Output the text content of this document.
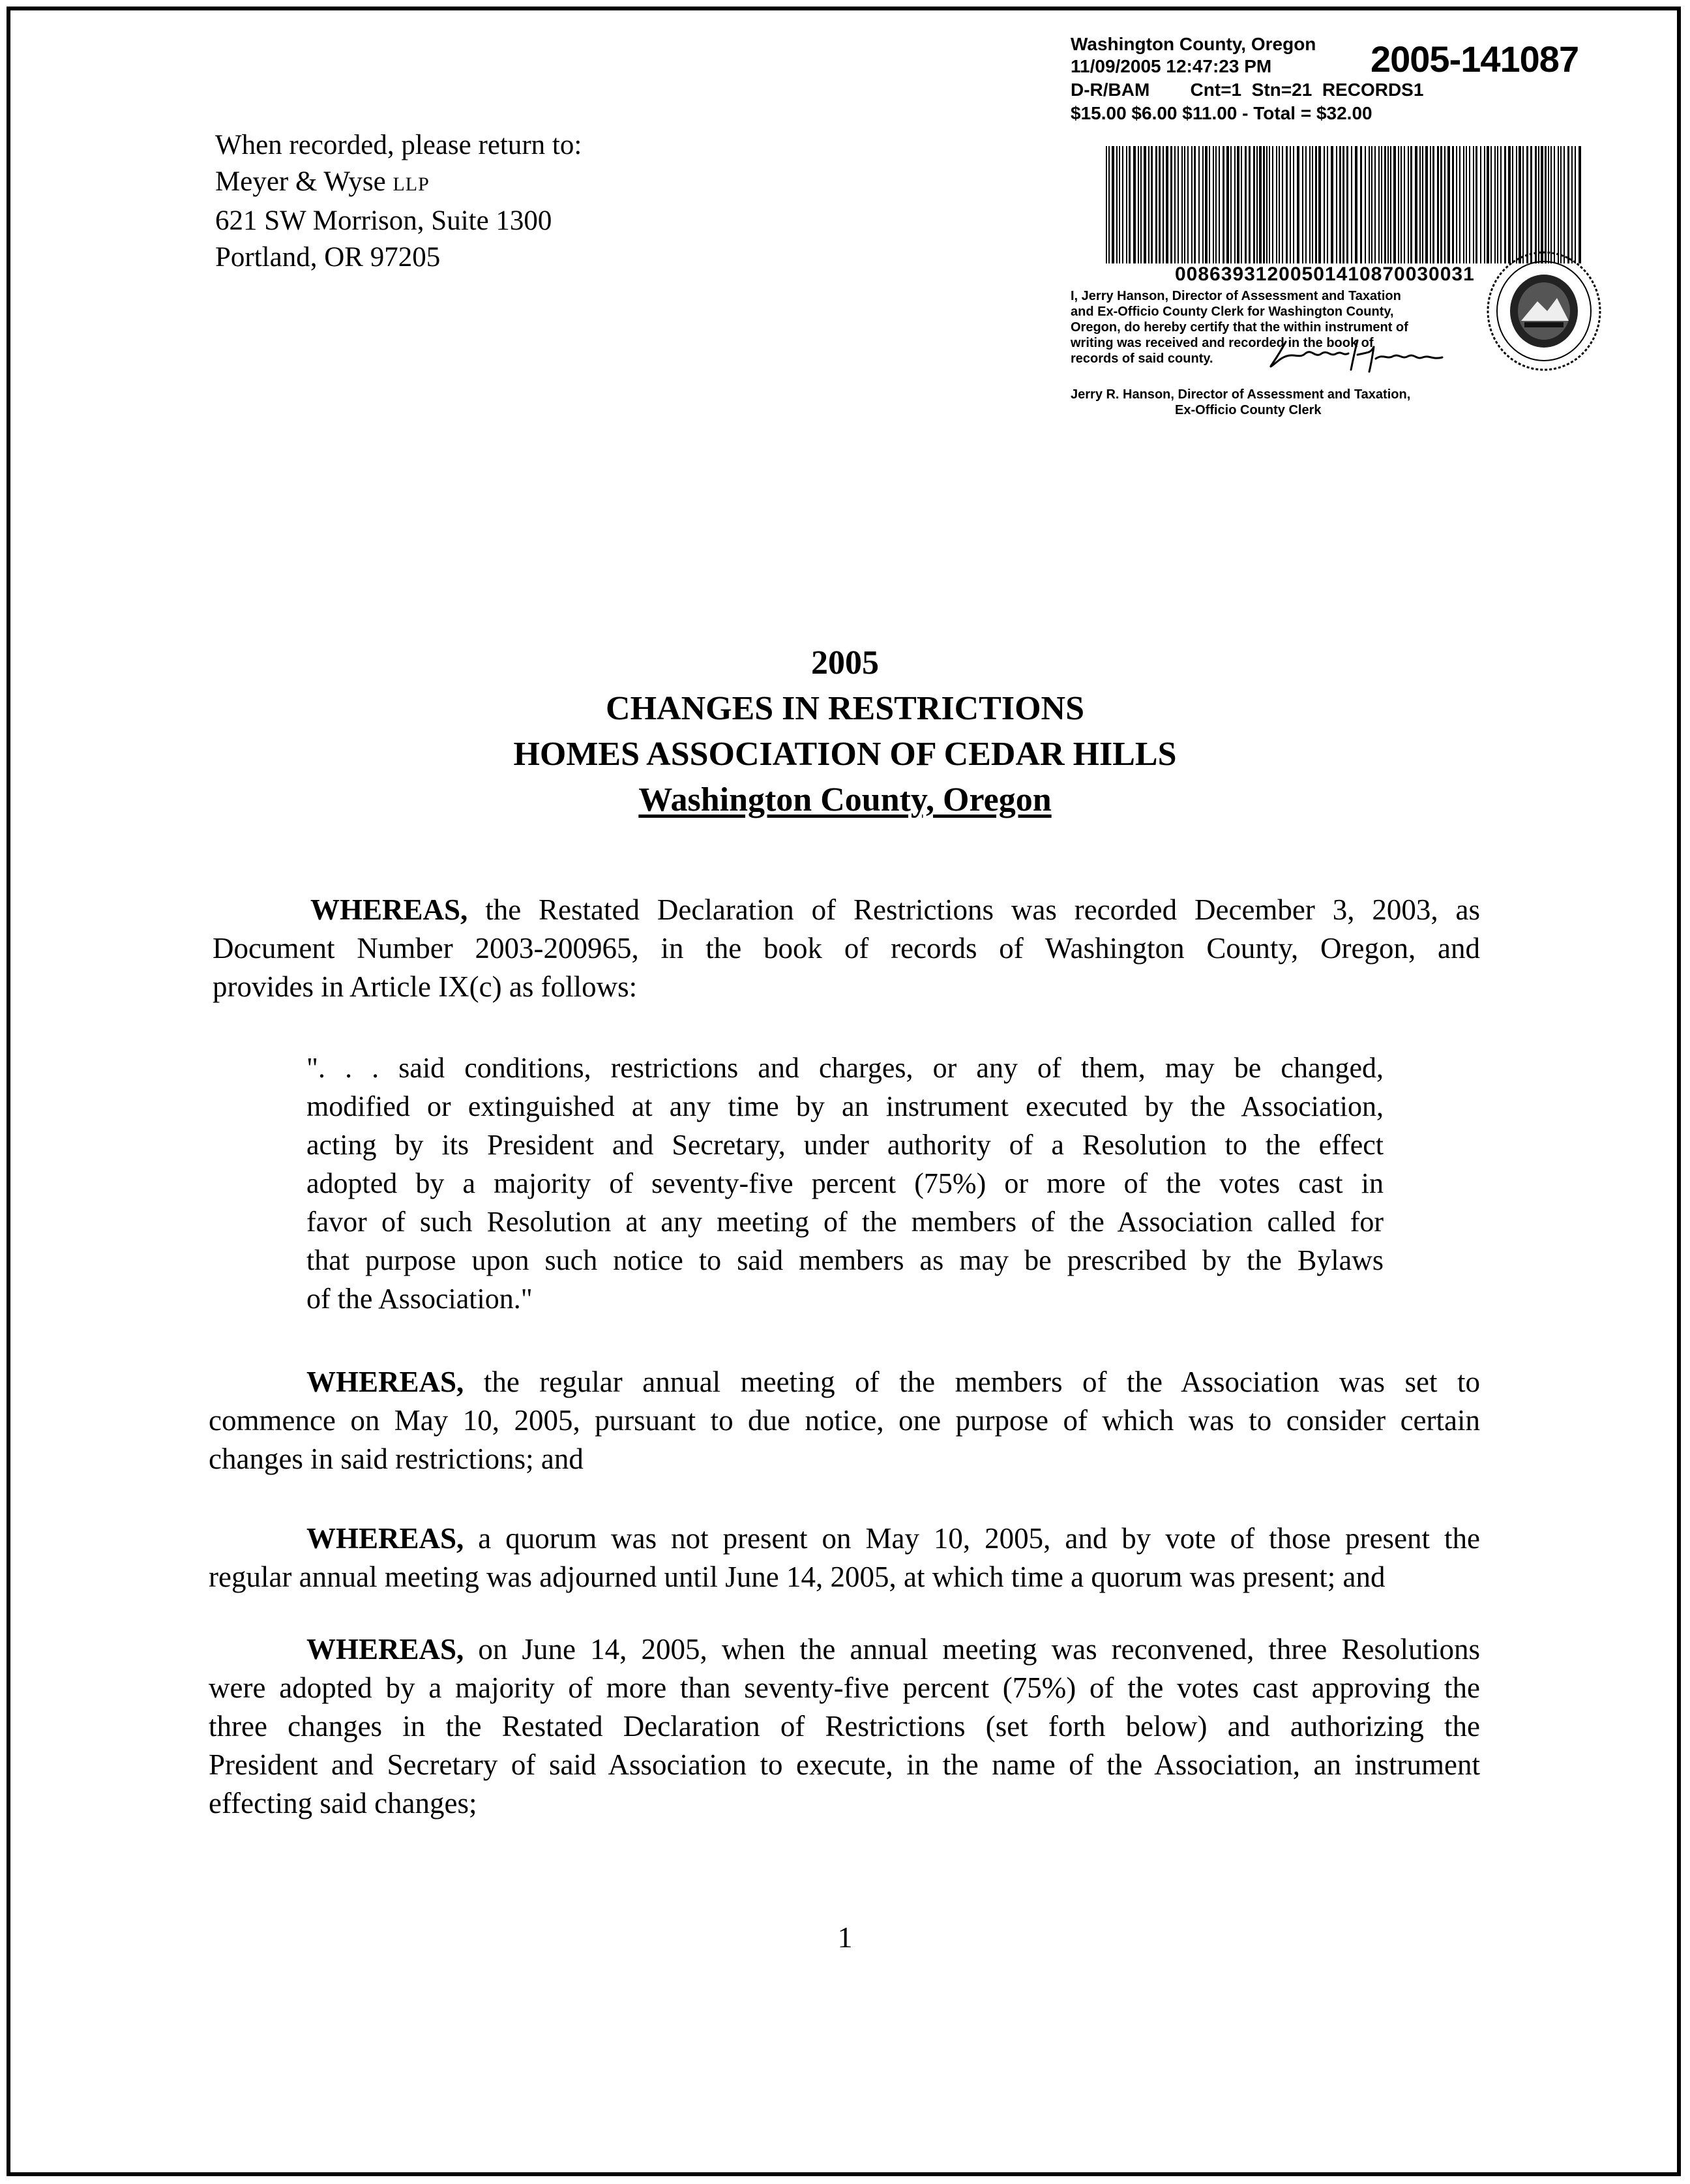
When recorded, please return to:
Meyer & Wyse LLP
621 SW Morrison, Suite 1300
Portland, OR 97205
Washington County, Oregon 2005-141087
11/09/2005 12:47:23 PM
D-R/BAM        Cnt=1  Stn=21  RECORDS1
$15.00 $6.00 $11.00 - Total = $32.00
00863931200501410870030031
I, Jerry Hanson, Director of Assessment and Taxation
and Ex-Officio County Clerk for Washington County,
Oregon, do hereby certify that the within instrument of
writing was received and recorded in the book of
records of said county.
Jerry R. Hanson, Director of Assessment and Taxation,
Ex-Officio County Clerk
2005
CHANGES IN RESTRICTIONS
HOMES ASSOCIATION OF CEDAR HILLS
Washington County, Oregon
WHEREAS, the Restated Declaration of Restrictions was recorded December 3, 2003, as
Document Number 2003-200965, in the book of records of Washington County, Oregon, and
provides in Article IX(c) as follows:
". . . said conditions, restrictions and charges, or any of them, may be changed,
modified or extinguished at any time by an instrument executed by the Association,
acting by its President and Secretary, under authority of a Resolution to the effect
adopted by a majority of seventy-five percent (75%) or more of the votes cast in
favor of such Resolution at any meeting of the members of the Association called for
that purpose upon such notice to said members as may be prescribed by the Bylaws
of the Association."
WHEREAS, the regular annual meeting of the members of the Association was set to
commence on May 10, 2005, pursuant to due notice, one purpose of which was to consider certain
changes in said restrictions; and
WHEREAS, a quorum was not present on May 10, 2005, and by vote of those present the
regular annual meeting was adjourned until June 14, 2005, at which time a quorum was present; and
WHEREAS, on June 14, 2005, when the annual meeting was reconvened, three Resolutions
were adopted by a majority of more than seventy-five percent (75%) of the votes cast approving the
three changes in the Restated Declaration of Restrictions (set forth below) and authorizing the
President and Secretary of said Association to execute, in the name of the Association, an instrument
effecting said changes;
1
